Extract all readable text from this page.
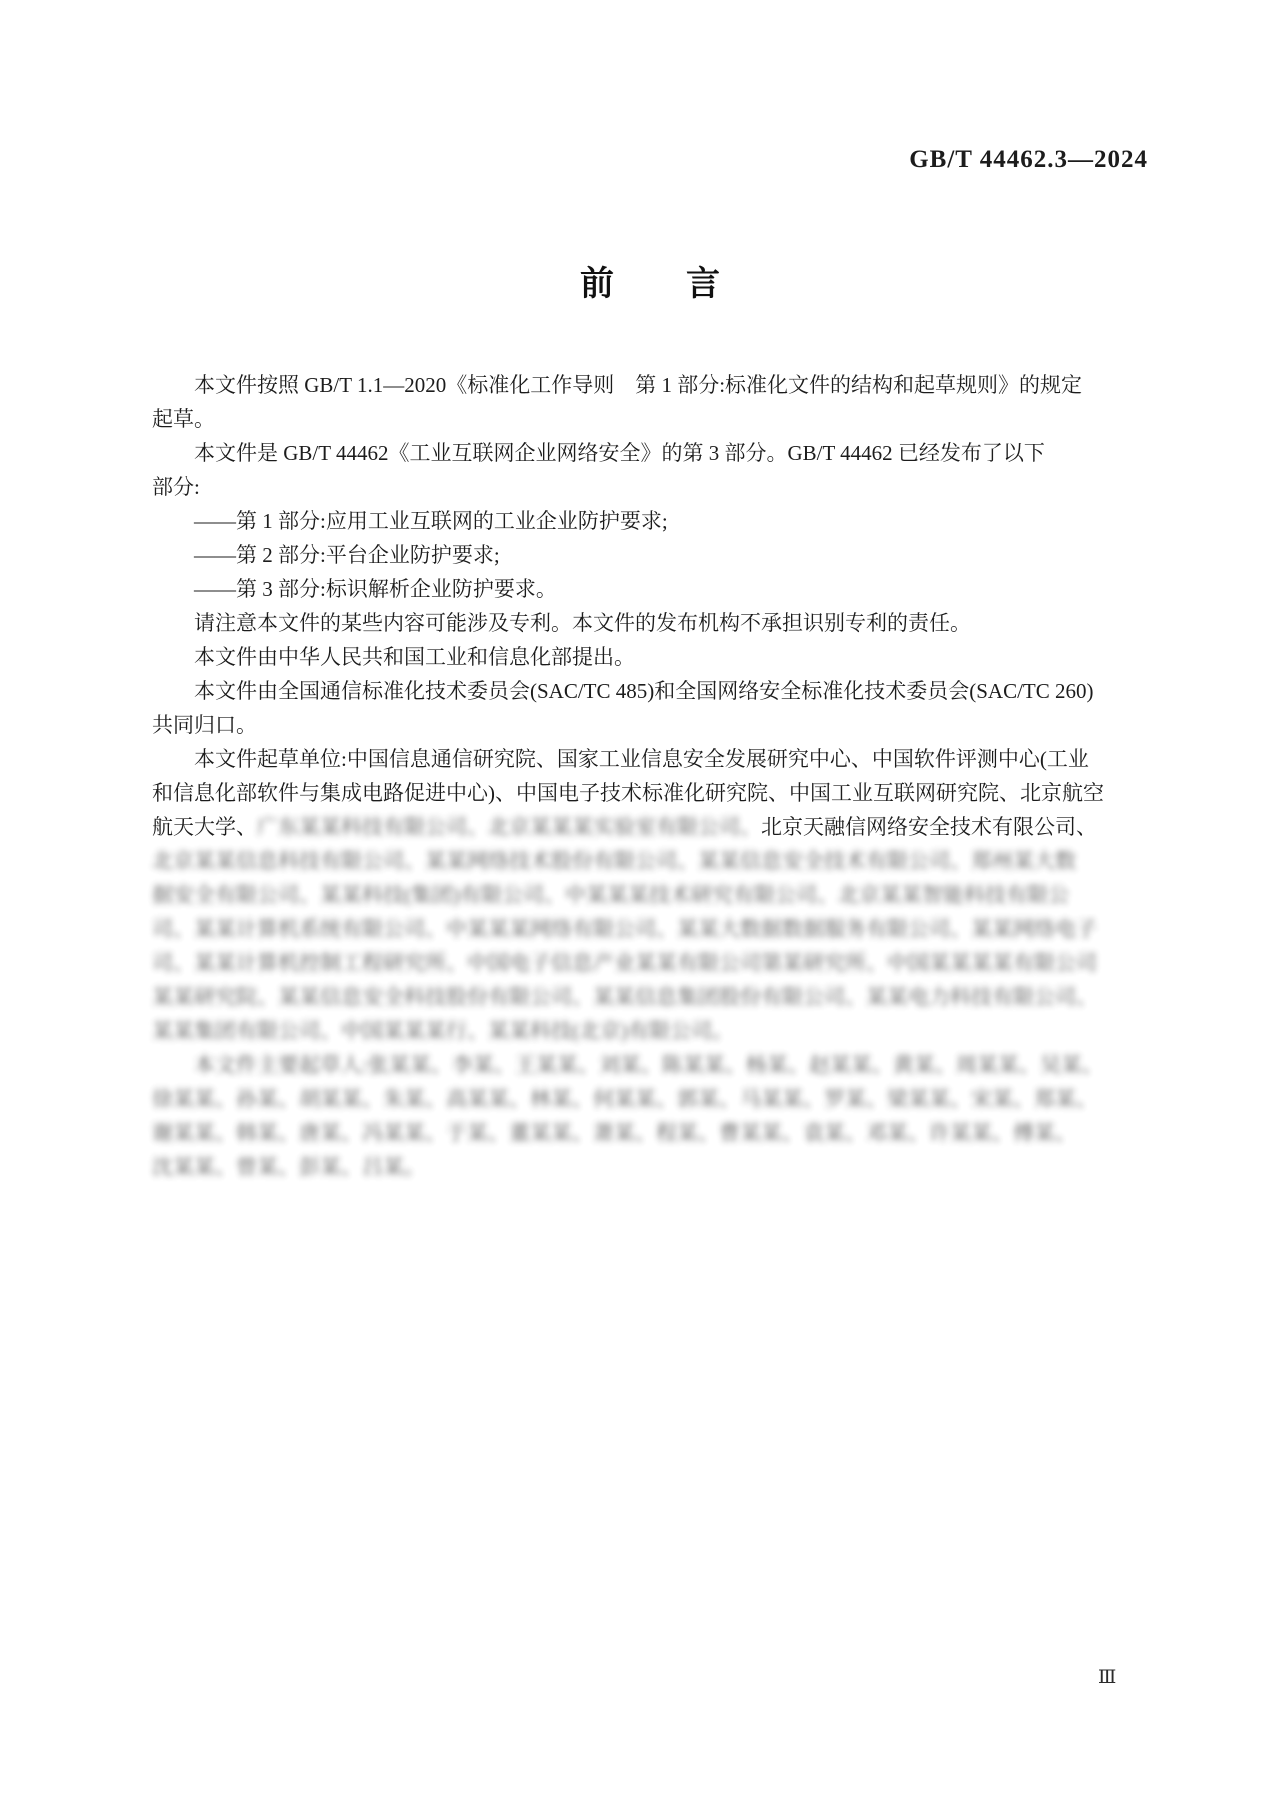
GB/T 44462.3—2024
前 言
本文件按照 GB/T 1.1—2020《标准化工作导则　第 1 部分:标准化文件的结构和起草规则》的规定
起草。
本文件是 GB/T 44462《工业互联网企业网络安全》的第 3 部分。GB/T 44462 已经发布了以下
部分:
——第 1 部分:应用工业互联网的工业企业防护要求;
——第 2 部分:平台企业防护要求;
——第 3 部分:标识解析企业防护要求。
请注意本文件的某些内容可能涉及专利。本文件的发布机构不承担识别专利的责任。
本文件由中华人民共和国工业和信息化部提出。
本文件由全国通信标准化技术委员会(SAC/TC 485)和全国网络安全标准化技术委员会(SAC/TC 260)
共同归口。
本文件起草单位:中国信息通信研究院、国家工业信息安全发展研究中心、中国软件评测中心(工业
和信息化部软件与集成电路促进中心)、中国电子技术标准化研究院、中国工业互联网研究院、北京航空
航天大学、广东某某科技有限公司、北京某某某实验室有限公司、北京天融信网络安全技术有限公司、
北京某某信息科技有限公司、某某网络技术股份有限公司、某某信息安全技术有限公司、郑州某大数
据安全有限公司、某某科技(集团)有限公司、中某某某技术研究有限公司、北京某某智能科技有限公
司、某某计算机系统有限公司、中某某某网络有限公司、某某大数据数据服务有限公司、某某网络电子
司、某某计算机控制工程研究所、中国电子信息产业某某有限公司第某研究所、中国某某某某有限公司
某某研究院、某某信息安全科技股份有限公司、某某信息集团股份有限公司、某某电力科技有限公司、
某某集团有限公司、中国某某某行、某某科技(北京)有限公司。
本文件主要起草人:张某某、李某、王某某、刘某、陈某某、杨某、赵某某、黄某、周某某、吴某、
徐某某、孙某、胡某某、朱某、高某某、林某、何某某、郭某、马某某、罗某、梁某某、宋某、郑某、
谢某某、韩某、唐某、冯某某、于某、董某某、萧某、程某、曹某某、袁某、邓某、许某某、傅某、
沈某某、曾某、彭某、吕某。
Ⅲ
